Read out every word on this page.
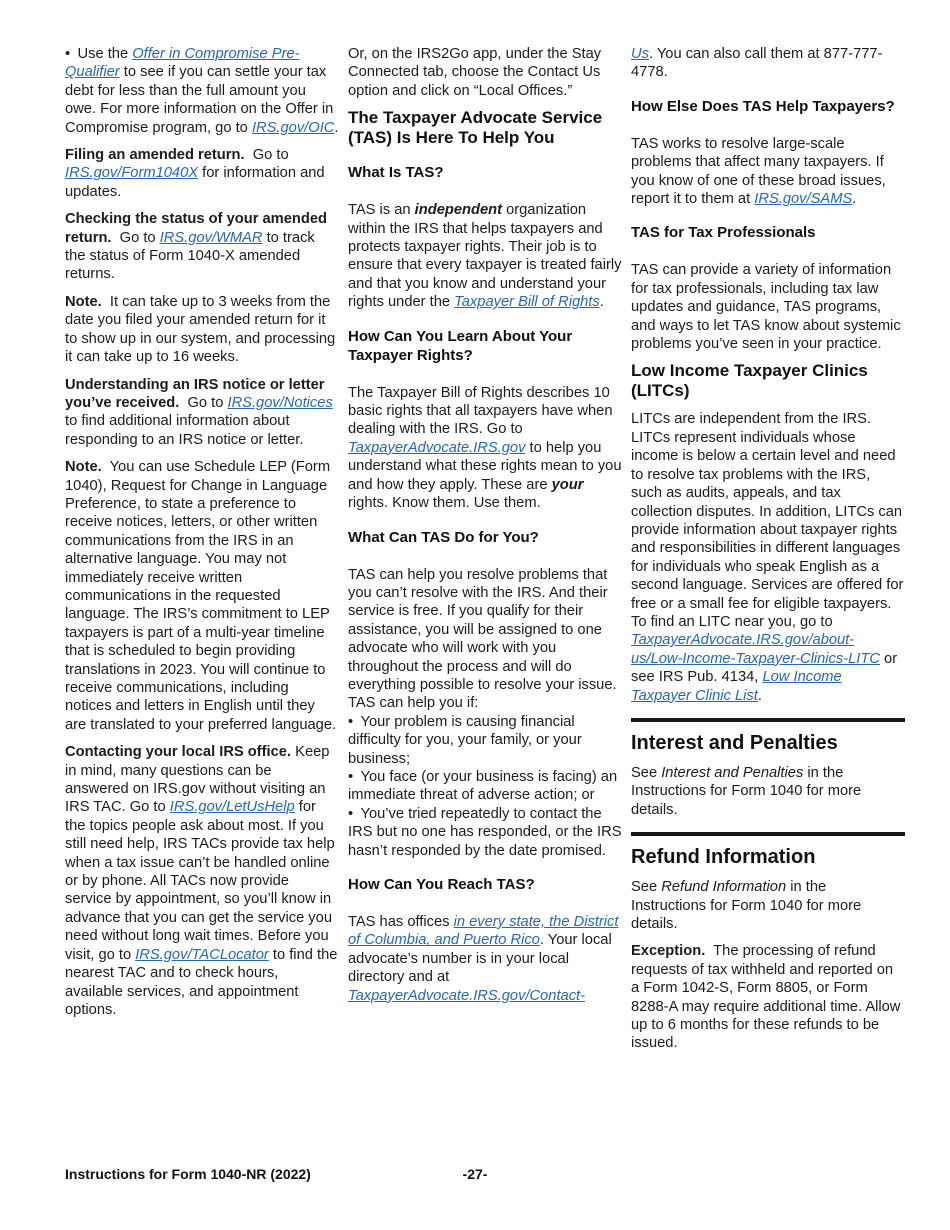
• Use the Offer in Compromise Pre-Qualifier to see if you can settle your tax debt for less than the full amount you owe. For more information on the Offer in Compromise program, go to IRS.gov/OIC.
Filing an amended return.  Go to IRS.gov/Form1040X for information and updates.
Checking the status of your amended return.  Go to IRS.gov/WMAR to track the status of Form 1040-X amended returns.
Note.  It can take up to 3 weeks from the date you filed your amended return for it to show up in our system, and processing it can take up to 16 weeks.
Understanding an IRS notice or letter you’ve received.  Go to IRS.gov/Notices to find additional information about responding to an IRS notice or letter.
Note.  You can use Schedule LEP (Form 1040), Request for Change in Language Preference, to state a preference to receive notices, letters, or other written communications from the IRS in an alternative language. You may not immediately receive written communications in the requested language. The IRS’s commitment to LEP taxpayers is part of a multi-year timeline that is scheduled to begin providing translations in 2023. You will continue to receive communications, including notices and letters in English until they are translated to your preferred language.
Contacting your local IRS office. Keep in mind, many questions can be answered on IRS.gov without visiting an IRS TAC. Go to IRS.gov/LetUsHelp for the topics people ask about most. If you still need help, IRS TACs provide tax help when a tax issue can’t be handled online or by phone. All TACs now provide service by appointment, so you’ll know in advance that you can get the service you need without long wait times. Before you visit, go to IRS.gov/TACLocator to find the nearest TAC and to check hours, available services, and appointment options.
Or, on the IRS2Go app, under the Stay Connected tab, choose the Contact Us option and click on “Local Offices.”
The Taxpayer Advocate Service (TAS) Is Here To Help You
What Is TAS?
TAS is an independent organization within the IRS that helps taxpayers and protects taxpayer rights. Their job is to ensure that every taxpayer is treated fairly and that you know and understand your rights under the Taxpayer Bill of Rights.
How Can You Learn About Your Taxpayer Rights?
The Taxpayer Bill of Rights describes 10 basic rights that all taxpayers have when dealing with the IRS. Go to TaxpayerAdvocate.IRS.gov to help you understand what these rights mean to you and how they apply. These are your rights. Know them. Use them.
What Can TAS Do for You?
TAS can help you resolve problems that you can’t resolve with the IRS. And their service is free. If you qualify for their assistance, you will be assigned to one advocate who will work with you throughout the process and will do everything possible to resolve your issue. TAS can help you if:
• Your problem is causing financial difficulty for you, your family, or your business;
• You face (or your business is facing) an immediate threat of adverse action; or
• You’ve tried repeatedly to contact the IRS but no one has responded, or the IRS hasn’t responded by the date promised.
How Can You Reach TAS?
TAS has offices in every state, the District of Columbia, and Puerto Rico. Your local advocate’s number is in your local directory and at TaxpayerAdvocate.IRS.gov/Contact-
Us. You can also call them at 877-777-4778.
How Else Does TAS Help Taxpayers?
TAS works to resolve large-scale problems that affect many taxpayers. If you know of one of these broad issues, report it to them at IRS.gov/SAMS.
TAS for Tax Professionals
TAS can provide a variety of information for tax professionals, including tax law updates and guidance, TAS programs, and ways to let TAS know about systemic problems you’ve seen in your practice.
Low Income Taxpayer Clinics (LITCs)
LITCs are independent from the IRS. LITCs represent individuals whose income is below a certain level and need to resolve tax problems with the IRS, such as audits, appeals, and tax collection disputes. In addition, LITCs can provide information about taxpayer rights and responsibilities in different languages for individuals who speak English as a second language. Services are offered for free or a small fee for eligible taxpayers. To find an LITC near you, go to TaxpayerAdvocate.IRS.gov/about-us/Low-Income-Taxpayer-Clinics-LITC or see IRS Pub. 4134, Low Income Taxpayer Clinic List.
Interest and Penalties
See Interest and Penalties in the Instructions for Form 1040 for more details.
Refund Information
See Refund Information in the Instructions for Form 1040 for more details.
Exception.  The processing of refund requests of tax withheld and reported on a Form 1042-S, Form 8805, or Form 8288-A may require additional time. Allow up to 6 months for these refunds to be issued.
Instructions for Form 1040-NR (2022)	-27-
